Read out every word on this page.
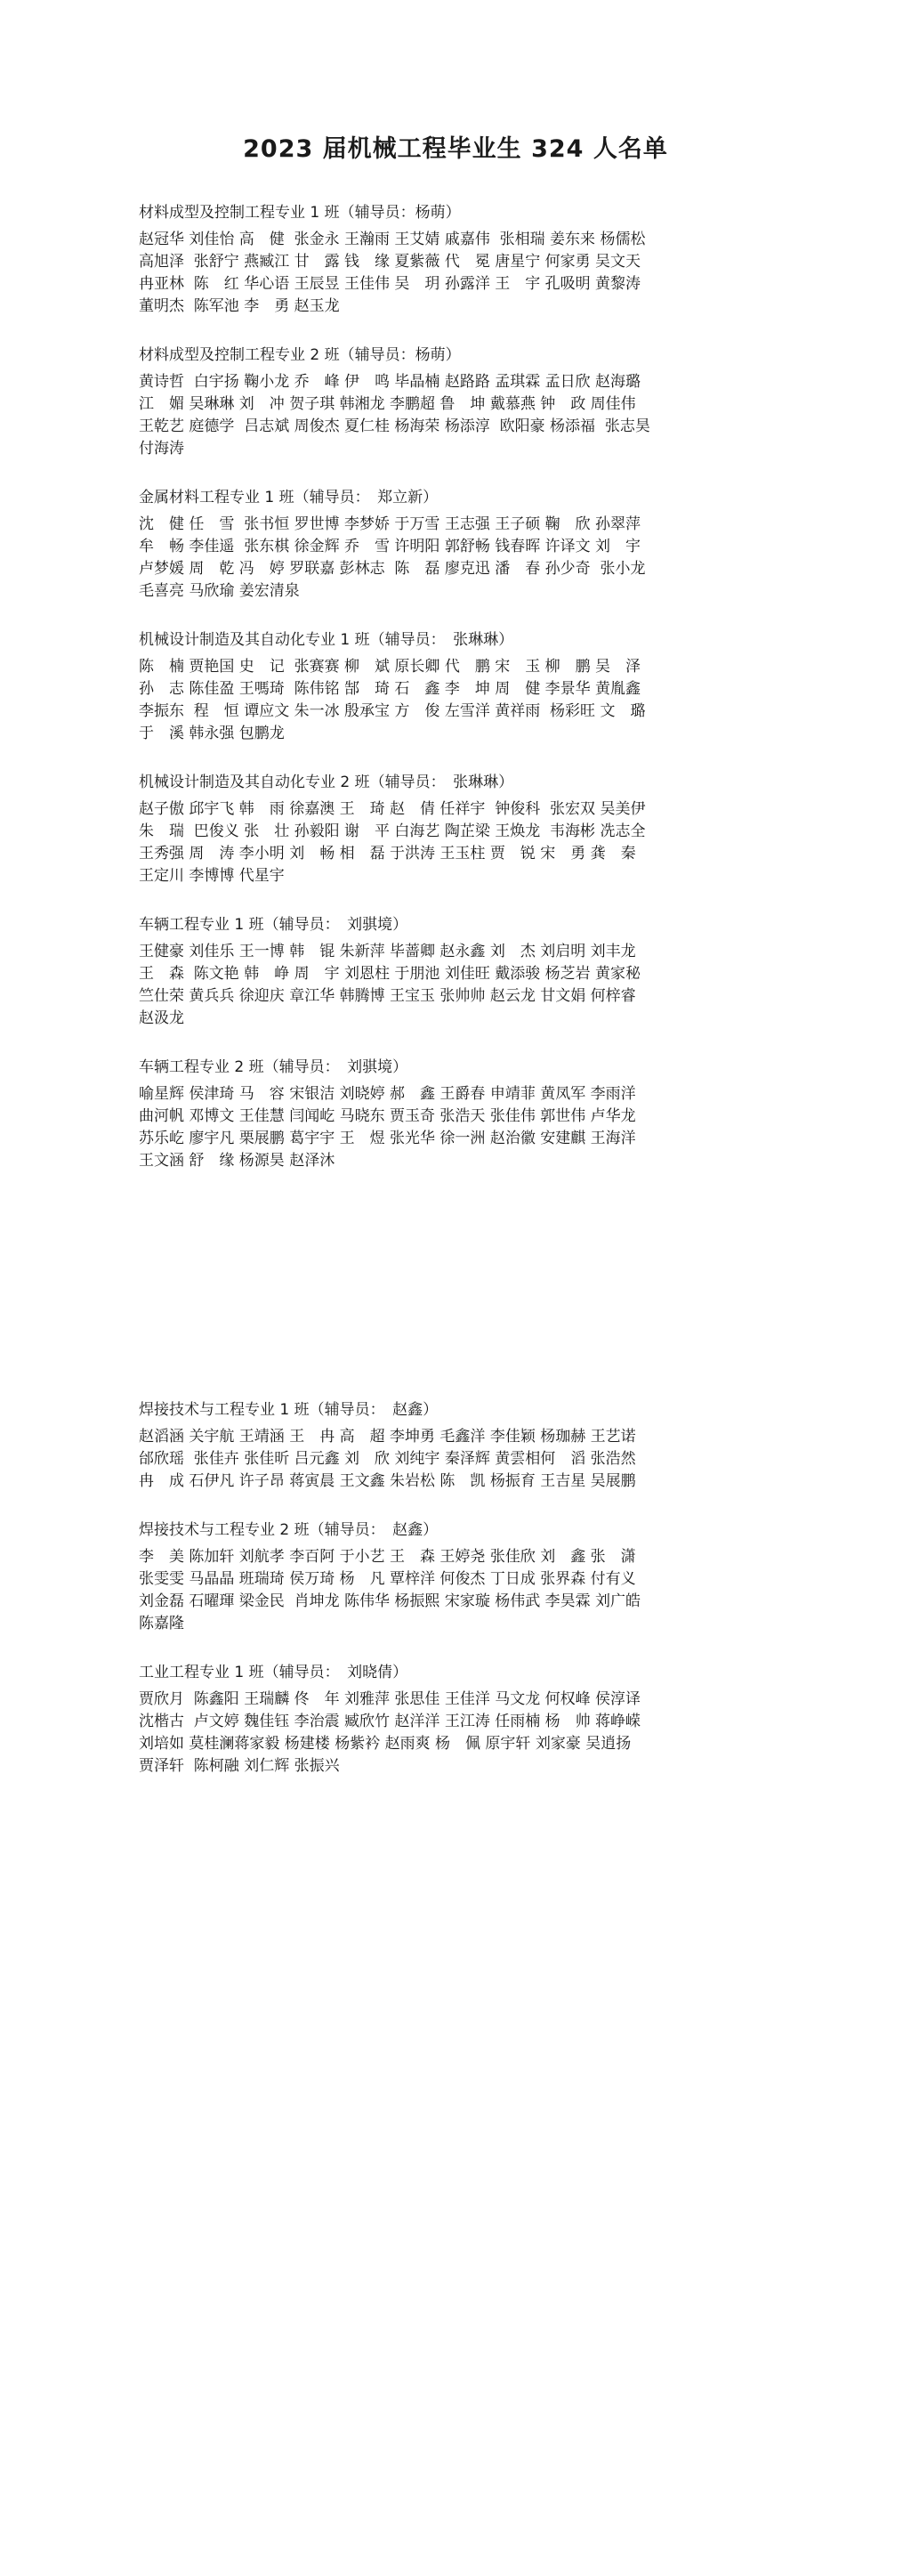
2023 届机械工程毕业生 324 人名单
材料成型及控制工程专业 1 班（辅导员：杨萌）
赵冠华 刘佳怡 高　健  张金永 王瀚雨 王艾婧 戚嘉伟  张相瑞 姜东来 杨儒松
高旭泽  张舒宁 燕臧江 甘　露 钱　缘 夏紫薇 代　冕 唐星宁 何家勇 吴文天
冉亚林  陈　红 华心语 王辰昱 王佳伟 吴　玥 孙露洋 王　宇 孔吸明 黄黎涛
董明杰  陈军池 李　勇 赵玉龙
材料成型及控制工程专业 2 班（辅导员：杨萌）
黄诗哲  白宇扬 鞠小龙 乔　峰 伊　鸣 毕晶楠 赵路路 孟琪霖 孟日欣 赵海璐
江　媚 吴琳琳 刘　冲 贺子琪 韩湘龙 李鹏超 鲁　坤 戴慕燕 钟　政 周佳伟
王乾艺 庭德学  吕志斌 周俊杰 夏仁桂 杨海荣 杨添淳  欧阳豪 杨添福  张志昊
付海涛
金属材料工程专业 1 班（辅导员：　郑立新）
沈　健 任　雪  张书恒 罗世博 李梦娇 于万雪 王志强 王子硕 鞠　欣 孙翠萍
牟　畅 李佳遥  张东棋 徐金辉 乔　雪 许明阳 郭舒畅 钱春晖 许译文 刘　宇
卢梦媛 周　乾 冯　婷 罗联嘉 彭林志  陈　磊 廖克迅 潘　春 孙少奇  张小龙
毛喜亮 马欣瑜 姜宏清泉
机械设计制造及其自动化专业 1 班（辅导员：　张琳琳）
陈　楠 贾艳国 史　记  张赛赛 柳　斌 原长卿 代　鹏 宋　玉 柳　鹏 吴　泽
孙　志 陈佳盈 王嗎琦  陈伟铭 郜　琦 石　鑫 李　坤 周　健 李景华 黄胤鑫
李振东  程　恒 谭应文 朱一冰 殷承宝 方　俊 左雪洋 黄祥雨  杨彩旺 文　璐
于　溪 韩永强 包鹏龙
机械设计制造及其自动化专业 2 班（辅导员：　张琳琳）
赵子傲 邱宇飞 韩　雨 徐嘉澳 王　琦 赵　倩 任祥宇  钟俊科  张宏双 吴美伊
朱　瑞  巴俊义 张　壮 孙毅阳 谢　平 白海艺 陶芷梁 王焕龙  韦海彬 冼志全
王秀强 周　涛 李小明 刘　畅 相　磊 于洪涛 王玉柱 贾　锐 宋　勇 龚　秦
王定川 李博博 代星宇
车辆工程专业 1 班（辅导员：　刘骐境）
王健豪 刘佳乐 王一博 韩　锟 朱新萍 毕蔷卿 赵永鑫 刘　杰 刘启明 刘丰龙
王　森  陈文艳 韩　峥 周　宇 刘恩柱 于朋池 刘佳旺 戴添骏 杨芝岩 黄家秘
竺仕荣 黄兵兵 徐迎庆 章江华 韩腾博 王宝玉 张帅帅 赵云龙 甘文娟 何梓睿
赵汲龙
车辆工程专业 2 班（辅导员：　刘骐境）
喻星辉 侯津琦 马　容 宋银洁 刘晓婷 郝　鑫 王爵春 申靖菲 黄凤军 李雨洋
曲河帆 邓博文 王佳慧 闫闻屹 马晓东 贾玉奇 张浩天 张佳伟 郭世伟 卢华龙
苏乐屹 廖宇凡 栗展鹏 葛宇宇 王　煜 张光华 徐一洲 赵治徽 安建麒 王海洋
王文涵 舒　缘 杨源昊 赵泽沐
焊接技术与工程专业 1 班（辅导员：　赵鑫）
赵滔涵 关宇航 王靖涵 王　冉 高　超 李坤勇 毛鑫洋 李佳颖 杨珈赫 王艺诺
邰欣瑶  张佳卉 张佳昕 吕元鑫 刘　欣 刘纯宇 秦泽辉 黄雲相何　滔 张浩然
冉　成 石伊凡 许子昂 蒋寅晨 王文鑫 朱岩松 陈　凯 杨振育 王吉星 吴展鹏
焊接技术与工程专业 2 班（辅导员：　赵鑫）
李　美 陈加轩 刘航孝 李百阿 于小艺 王　森 王婷尧 张佳欣 刘　鑫 张　潇
张雯雯 马晶晶 班瑞琦 侯万琦 杨　凡 覃梓洋 何俊杰 丁日成 张界森 付有义
刘金磊 石曜琿 梁金民  肖坤龙 陈伟华 杨振熙 宋家璇 杨伟武 李昊霖 刘广皓
陈嘉隆
工业工程专业 1 班（辅导员：　刘晓倩）
贾欣月  陈鑫阳 王瑞麟 佟　年 刘雅萍 张思佳 王佳洋 马文龙 何权峰 侯淳译
沈楷古  卢文婷 魏佳钰 李治震 臧欣竹 赵洋洋 王江涛 任雨楠 杨　帅 蒋峥嵘
刘培如 莫桂澜蒋家毅 杨建楼 杨紫衿 赵雨爽 杨　佩 原宇轩 刘家豪 吴逍扬
贾泽轩  陈柯融 刘仁辉 张振兴
